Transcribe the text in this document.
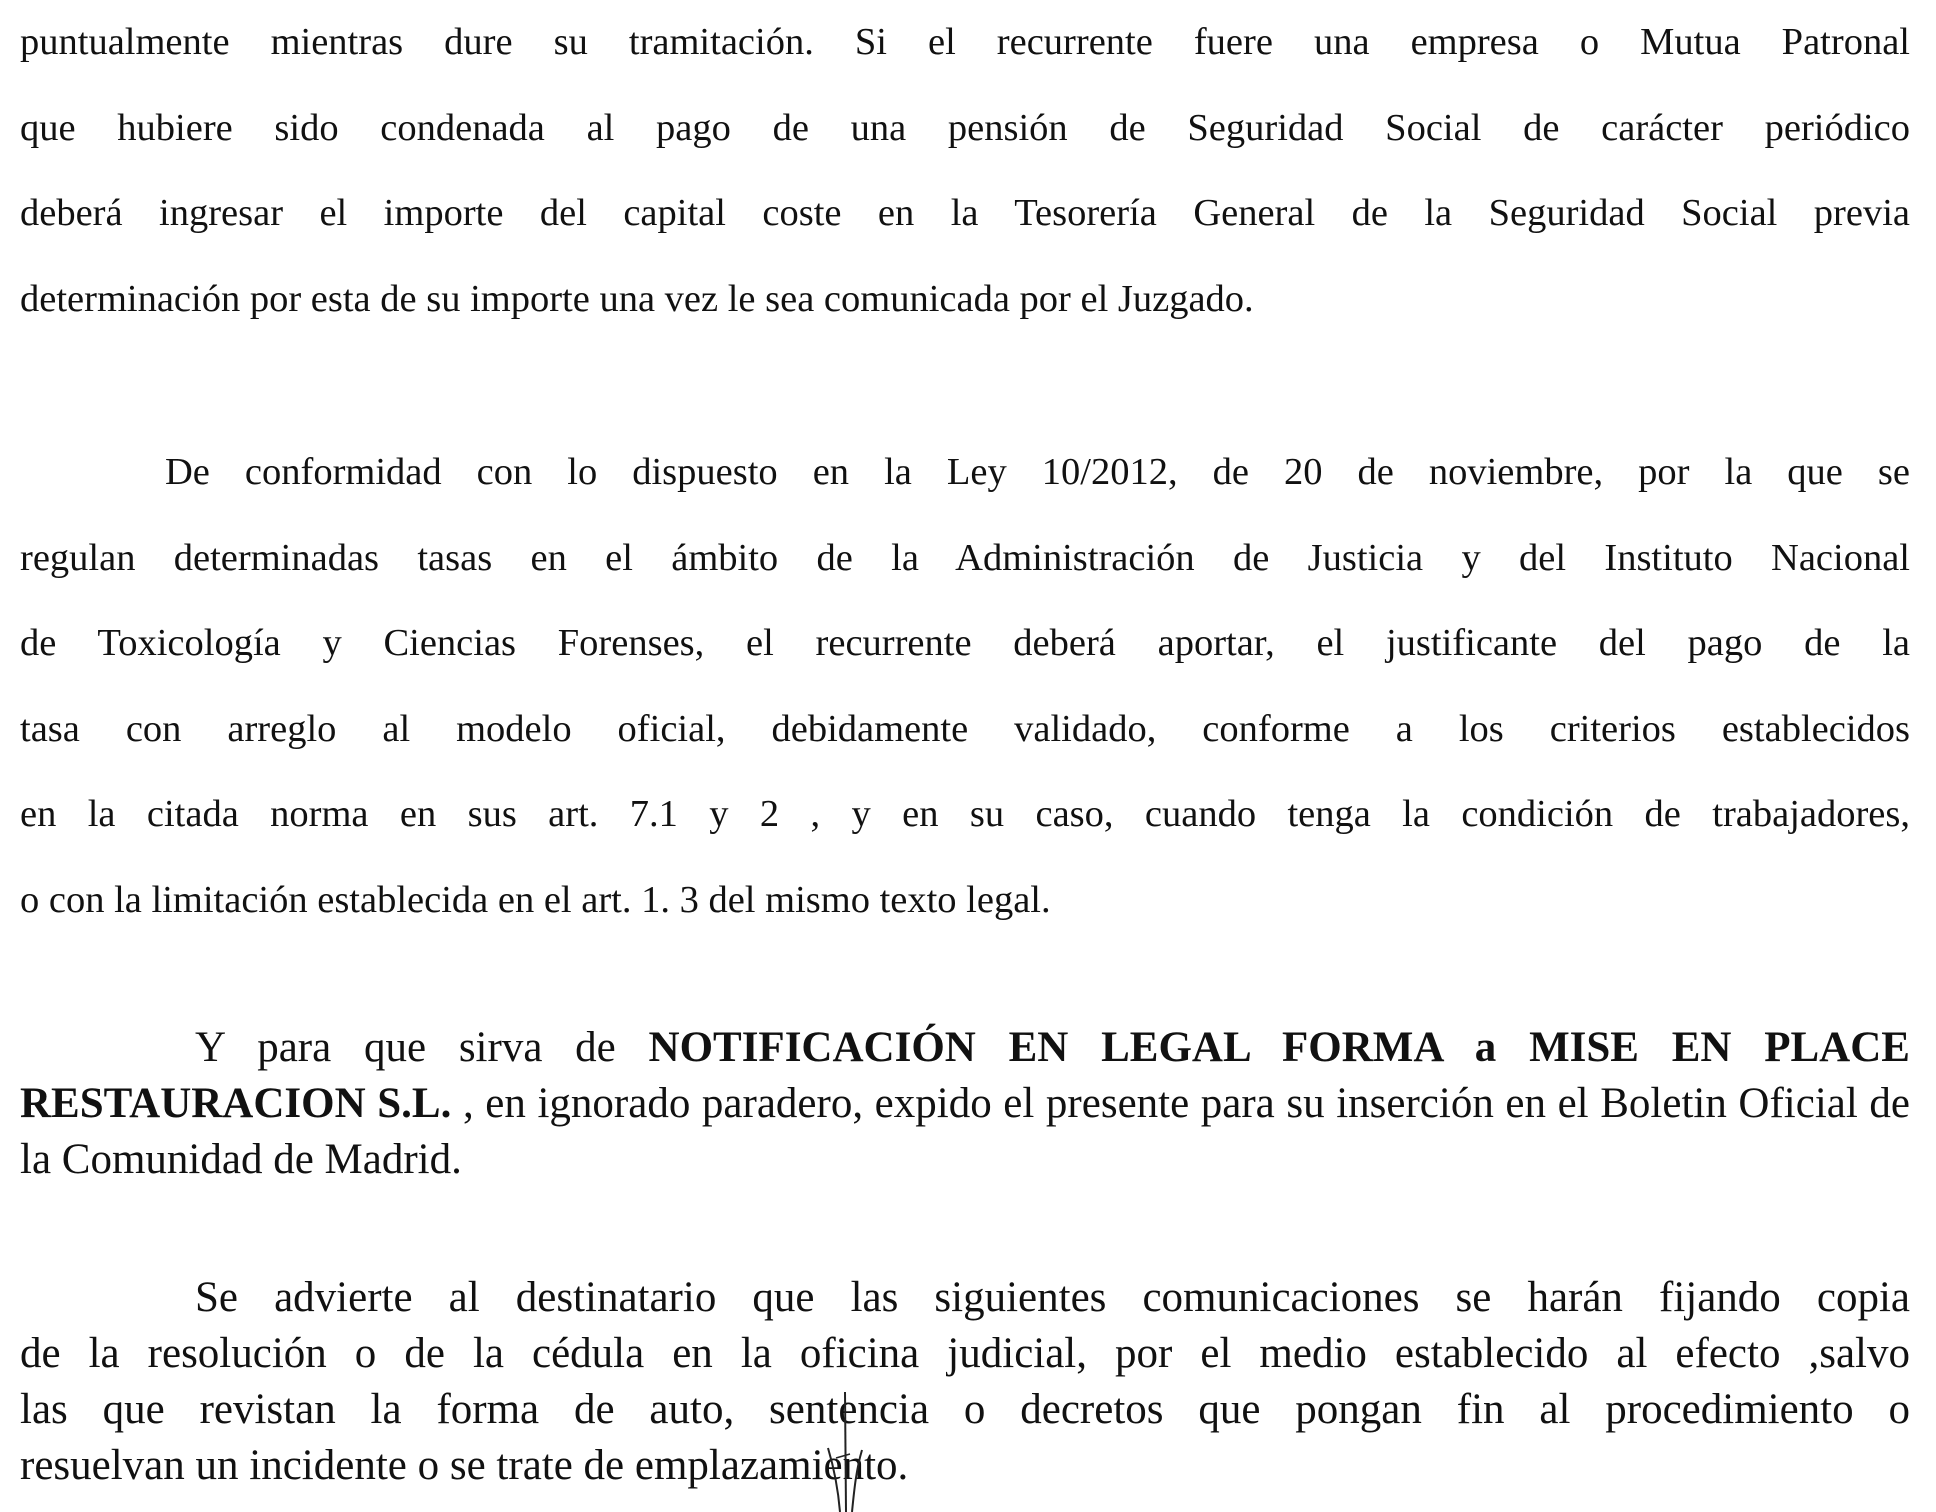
puntualmente mientras dure su tramitación. Si el recurrente fuere una empresa o Mutua Patronal
que hubiere sido condenada al pago de una pensión de Seguridad Social de carácter periódico
deberá ingresar el importe del capital coste en la Tesorería General de la Seguridad Social previa
determinación por esta de su importe una vez le sea comunicada por el Juzgado.
De conformidad con lo dispuesto en la Ley 10/2012, de 20 de noviembre, por la que se
regulan determinadas tasas en el ámbito de la Administración de Justicia y del Instituto Nacional
de Toxicología y Ciencias Forenses, el recurrente deberá aportar, el justificante del pago de la
tasa con arreglo al modelo oficial, debidamente validado, conforme a los criterios establecidos
en la citada norma en sus art. 7.1 y 2 , y en su caso, cuando tenga la condición de trabajadores,
o con la limitación establecida en el art. 1. 3 del mismo texto legal.

Y para que sirva de NOTIFICACIÓN EN LEGAL FORMA a MISE EN PLACE RESTAURACION S.L. , en ignorado paradero, expido el presente para su inserción en el Boletin Oficial de la Comunidad de Madrid.

Se advierte al destinatario que las siguientes comunicaciones se harán fijando copia
de la resolución o de la cédula en la oficina judicial, por el medio establecido al efecto ,salvo
las que revistan la forma de auto, sentencia o decretos que pongan fin al procedimiento o
resuelvan un incidente o se trate de emplazamiento.
